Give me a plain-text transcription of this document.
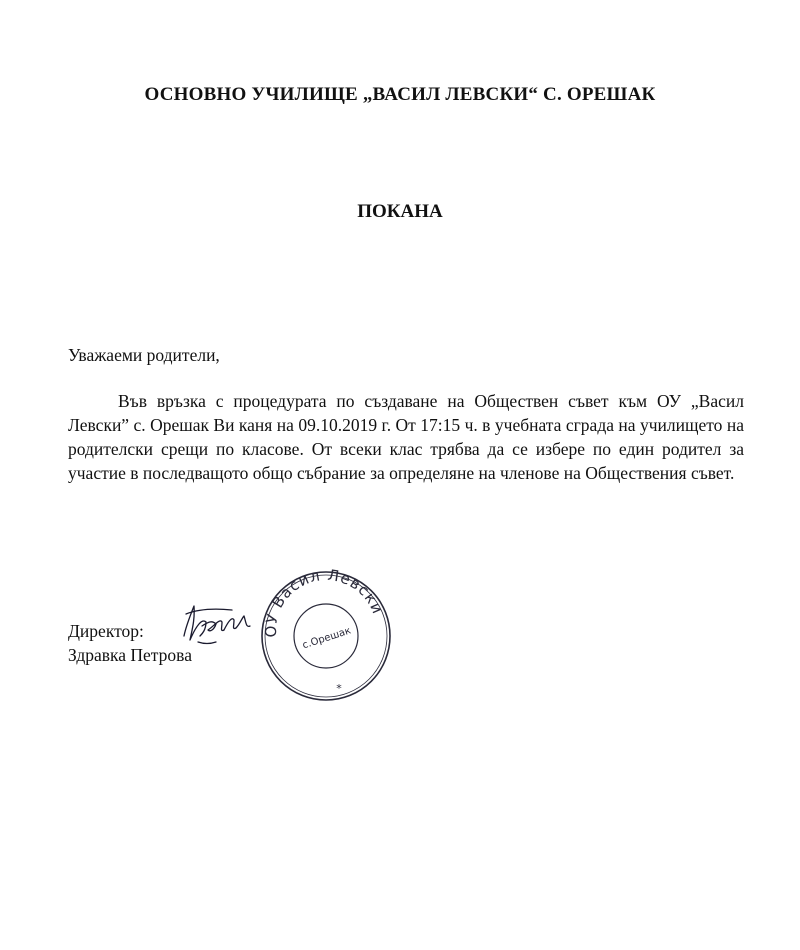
ОСНОВНО УЧИЛИЩЕ „ВАСИЛ ЛЕВСКИ“ С. ОРЕШАК
ПОКАНА
Уважаеми родители,
Във връзка с процедурата по създаване на Обществен съвет към ОУ „Васил Левски” с. Орешак Ви каня на 09.10.2019 г. От 17:15 ч. в учебната сграда на училището на родителски срещи по класове. От всеки клас трябва да се избере по един родител за участие в последващото общо събрание за определяне на членове на Обществения съвет.
Директор:	ОУ Васил Левски
с.Орешак
*
Здравка Петрова
